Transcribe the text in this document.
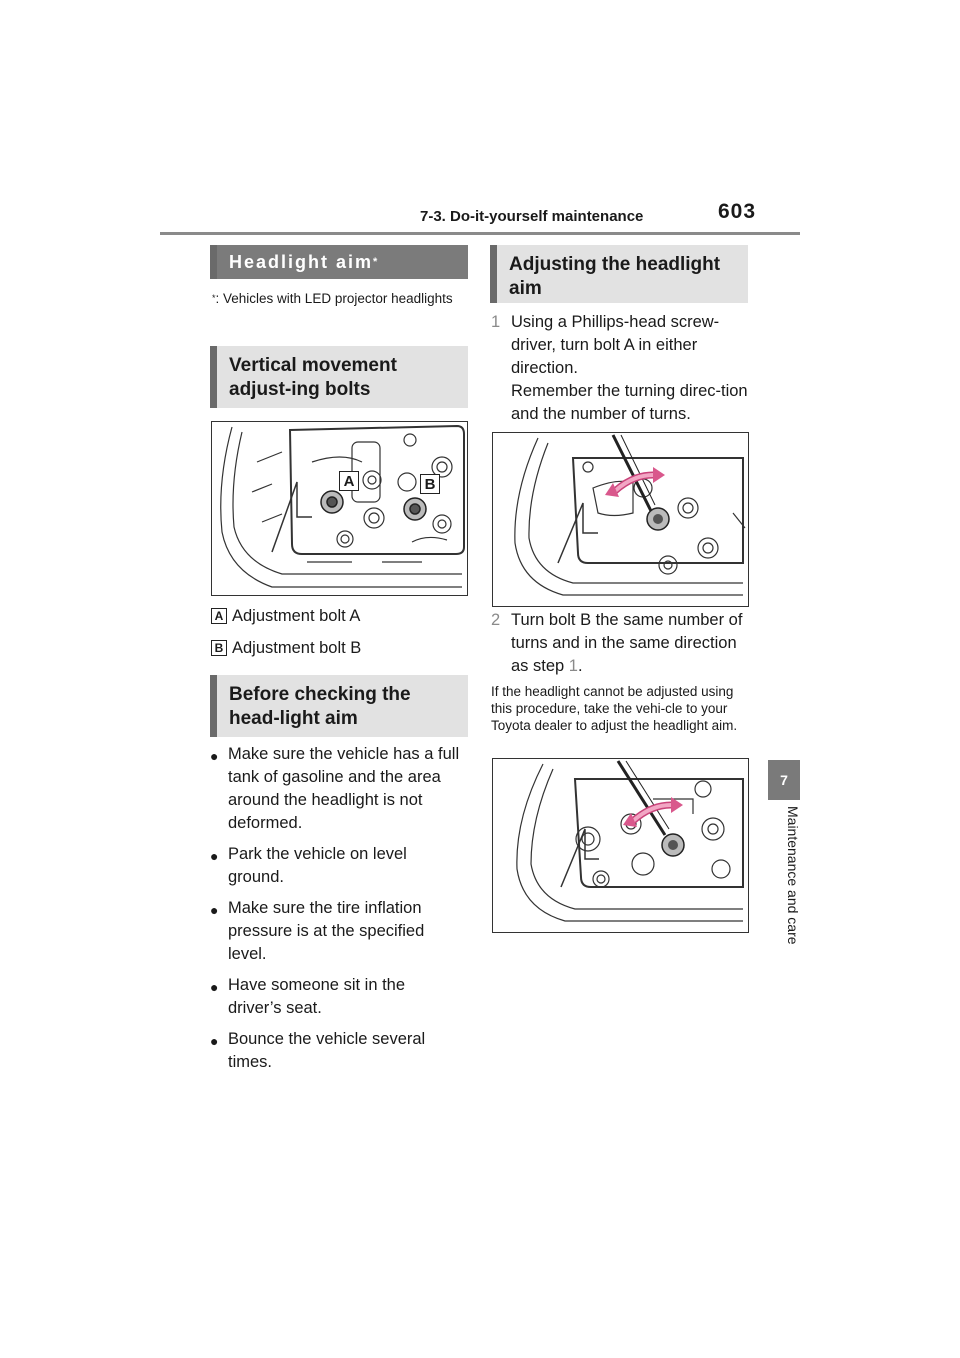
7-3. Do-it-yourself maintenance	603
7
Maintenance and care
Headlight aim*
*: Vehicles with LED projector headlights
Vertical movement adjust-ing bolts
A	B
A Adjustment bolt A
B Adjustment bolt B
Before checking the head-light aim
● Make sure the vehicle has a full tank of gasoline and the area around the headlight is not deformed.
● Park the vehicle on level ground.
● Make sure the tire inflation pressure is at the specified level.
● Have someone sit in the driver’s seat.
● Bounce the vehicle several times.
Adjusting the headlight aim
1 Using a Phillips-head screw-driver, turn bolt A in either direction.
Remember the turning direc-tion and the number of turns.
2 Turn bolt B the same number of turns and in the same direction as step 1.
If the headlight cannot be adjusted using this procedure, take the vehi-cle to your Toyota dealer to adjust the headlight aim.
